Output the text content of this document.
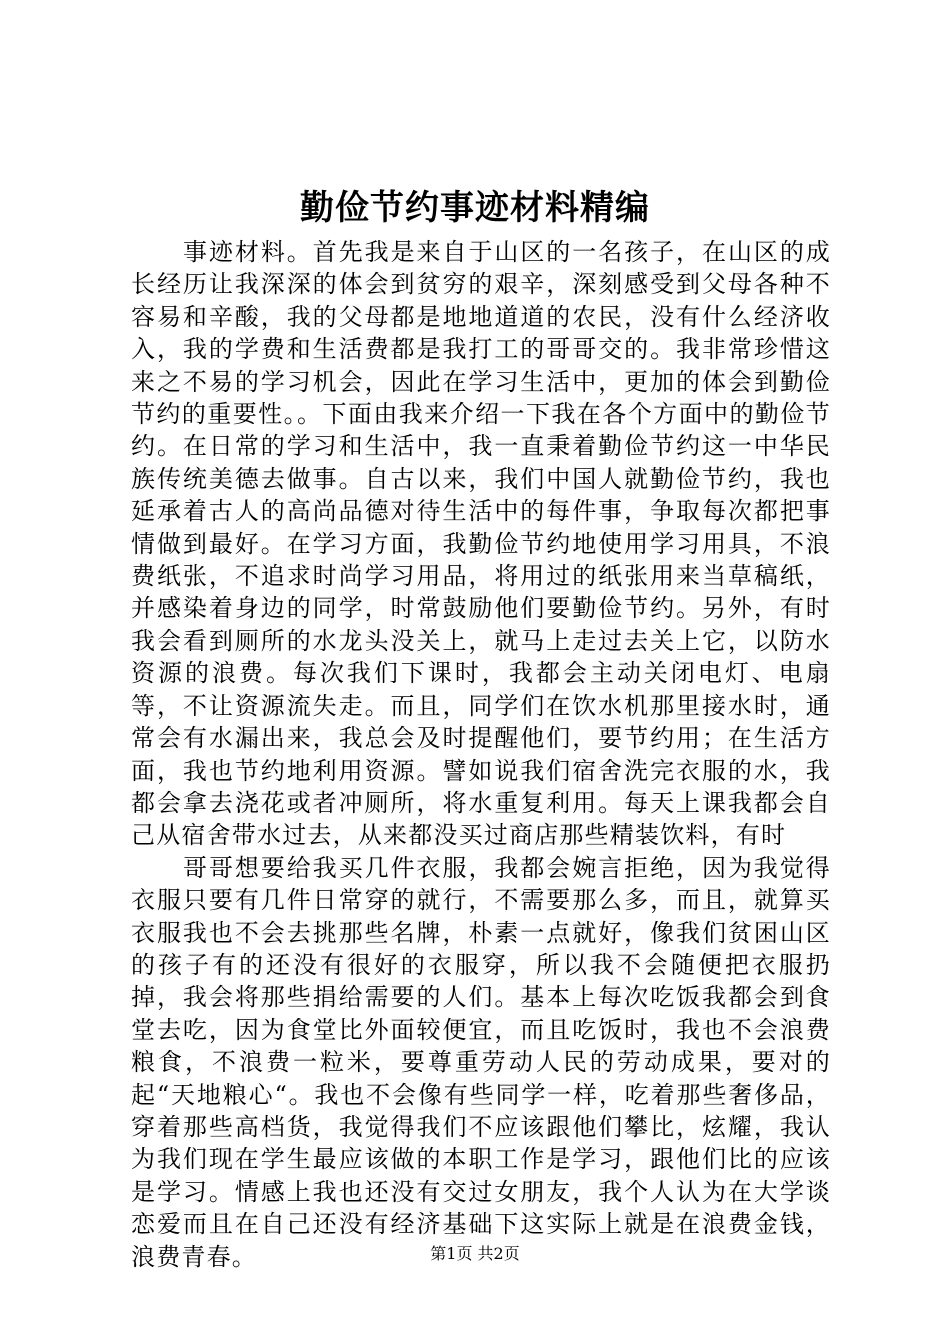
勤俭节约事迹材料精编

事迹材料。首先我是来自于山区的一名孩子，在山区的成长经历让我深深的体会到贫穷的艰辛，深刻感受到父母各种不容易和辛酸，我的父母都是地地道道的农民，没有什么经济收入，我的学费和生活费都是我打工的哥哥交的。我非常珍惜这来之不易的学习机会，因此在学习生活中，更加的体会到勤俭节约的重要性。。下面由我来介绍一下我在各个方面中的勤俭节约。在日常的学习和生活中，我一直秉着勤俭节约这一中华民族传统美德去做事。自古以来，我们中国人就勤俭节约，我也延承着古人的高尚品德对待生活中的每件事，争取每次都把事情做到最好。在学习方面，我勤俭节约地使用学习用具，不浪费纸张，不追求时尚学习用品，将用过的纸张用来当草稿纸，并感染着身边的同学，时常鼓励他们要勤俭节约。另外，有时我会看到厕所的水龙头没关上，就马上走过去关上它，以防水资源的浪费。每次我们下课时，我都会主动关闭电灯、电扇等，不让资源流失走。而且，同学们在饮水机那里接水时，通常会有水漏出来，我总会及时提醒他们，要节约用；在生活方面，我也节约地利用资源。譬如说我们宿舍洗完衣服的水，我都会拿去浇花或者冲厕所，将水重复利用。每天上课我都会自己从宿舍带水过去，从来都没买过商店那些精装饮料，有时

哥哥想要给我买几件衣服，我都会婉言拒绝，因为我觉得衣服只要有几件日常穿的就行，不需要那么多，而且，就算买衣服我也不会去挑那些名牌，朴素一点就好，像我们贫困山区的孩子有的还没有很好的衣服穿，所以我不会随便把衣服扔掉，我会将那些捐给需要的人们。基本上每次吃饭我都会到食堂去吃，因为食堂比外面较便宜，而且吃饭时，我也不会浪费粮食，不浪费一粒米，要尊重劳动人民的劳动成果，要对的起“天地粮心“。我也不会像有些同学一样，吃着那些奢侈品，穿着那些高档货，我觉得我们不应该跟他们攀比，炫耀，我认为我们现在学生最应该做的本职工作是学习，跟他们比的应该是学习。情感上我也还没有交过女朋友，我个人认为在大学谈恋爱而且在自己还没有经济基础下这实际上就是在浪费金钱，浪费青春。	第1页 共2页
